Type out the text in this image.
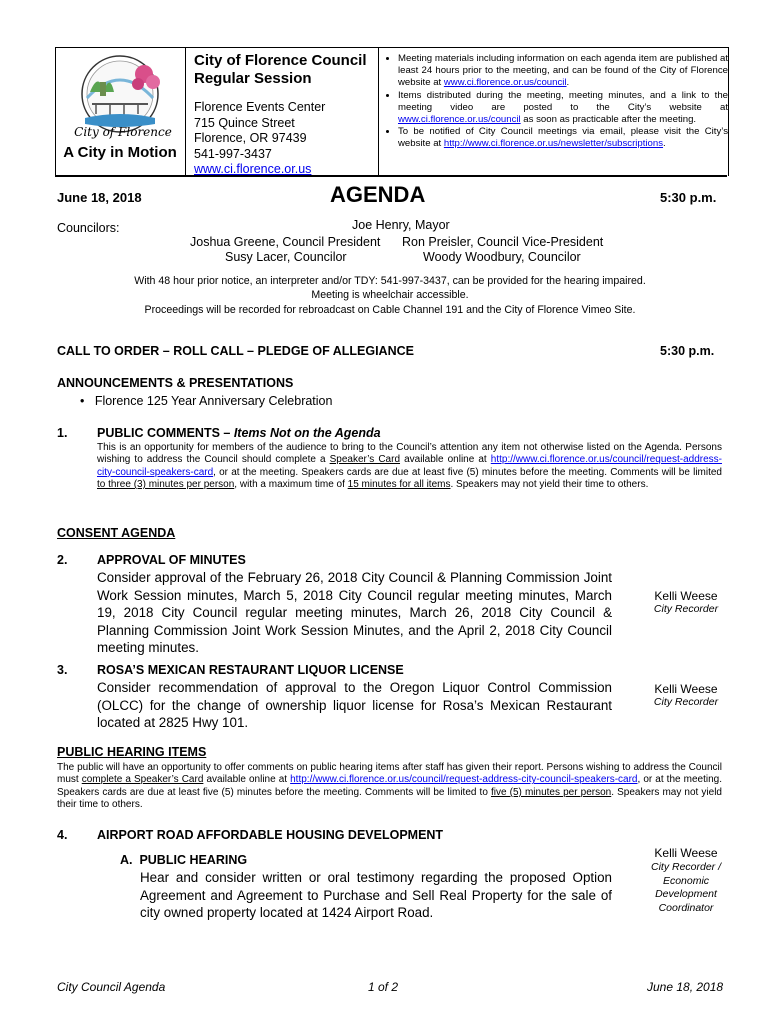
City of Florence
A City in Motion
City of Florence Council
Regular Session
Florence Events Center
715 Quince Street
Florence, OR 97439
541-997-3437
www.ci.florence.or.us
• Meeting materials including information on each agenda item are published at least 24 hours prior to the meeting, and can be found of the City of Florence website at www.ci.florence.or.us/council.
• Items distributed during the meeting, meeting minutes, and a link to the meeting video are posted to the City’s website at www.ci.florence.or.us/council as soon as practicable after the meeting.
• To be notified of City Council meetings via email, please visit the City’s website at http://www.ci.florence.or.us/newsletter/subscriptions.
June 18, 2018	AGENDA	5:30 p.m.
Councilors:	Joe Henry, Mayor
Joshua Greene, Council President Ron Preisler, Council Vice-President
Susy Lacer, Councilor	Woody Woodbury, Councilor
With 48 hour prior notice, an interpreter and/or TDY: 541-997-3437, can be provided for the hearing impaired.
Meeting is wheelchair accessible.
Proceedings will be recorded for rebroadcast on Cable Channel 191 and the City of Florence Vimeo Site.
CALL TO ORDER – ROLL CALL – PLEDGE OF ALLEGIANCE	5:30 p.m.
ANNOUNCEMENTS & PRESENTATIONS
• Florence 125 Year Anniversary Celebration
1. PUBLIC COMMENTS – Items Not on the Agenda
This is an opportunity for members of the audience to bring to the Council’s attention any item not otherwise listed on the Agenda. Persons wishing to address the Council should complete a Speaker’s Card available online at http://www.ci.florence.or.us/council/request-address-city-council-speakers-card, or at the meeting. Speakers cards are due at least five (5) minutes before the meeting. Comments will be limited to three (3) minutes per person, with a maximum time of 15 minutes for all items. Speakers may not yield their time to others.
CONSENT AGENDA
2. APPROVAL OF MINUTES
Consider approval of the February 26, 2018 City Council & Planning Commission Joint Work Session minutes, March 5, 2018 City Council regular meeting minutes, March 19, 2018 City Council regular meeting minutes, March 26, 2018 City Council & Planning Commission Joint Work Session Minutes, and the April 2, 2018 City Council meeting minutes.
Kelli Weese
City Recorder
3. ROSA’S MEXICAN RESTAURANT LIQUOR LICENSE
Consider recommendation of approval to the Oregon Liquor Control Commission (OLCC) for the change of ownership liquor license for Rosa’s Mexican Restaurant located at 2825 Hwy 101.
Kelli Weese
City Recorder
PUBLIC HEARING ITEMS
The public will have an opportunity to offer comments on public hearing items after staff has given their report. Persons wishing to address the Council must complete a Speaker’s Card available online at http://www.ci.florence.or.us/council/request-address-city-council-speakers-card, or at the meeting. Speakers cards are due at least five (5) minutes before the meeting. Comments will be limited to five (5) minutes per person. Speakers may not yield their time to others.
4. AIRPORT ROAD AFFORDABLE HOUSING DEVELOPMENT
A.  PUBLIC HEARING
Hear and consider written or oral testimony regarding the proposed Option Agreement and Agreement to Purchase and Sell Real Property for the sale of city owned property located at 1424 Airport Road.
Kelli Weese
City Recorder /
Economic
Development
Coordinator
City Council Agenda	1 of 2	June 18, 2018
